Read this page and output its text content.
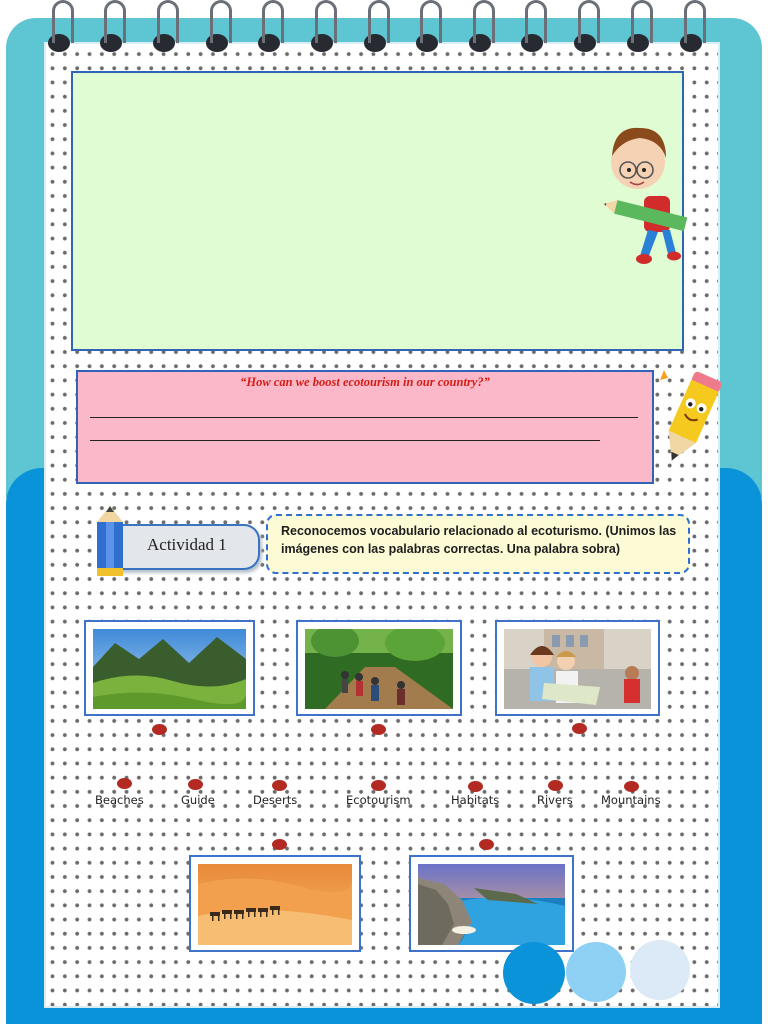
“How can we boost ecotourism in our country?”
Actividad 1
Reconocemos vocabulario relacionado al ecoturismo. (Unimos las imágenes con las palabras correctas. Una palabra sobra)
Beaches	Guide	Deserts	Ecotourism	Habitats	Rivers Mountains
